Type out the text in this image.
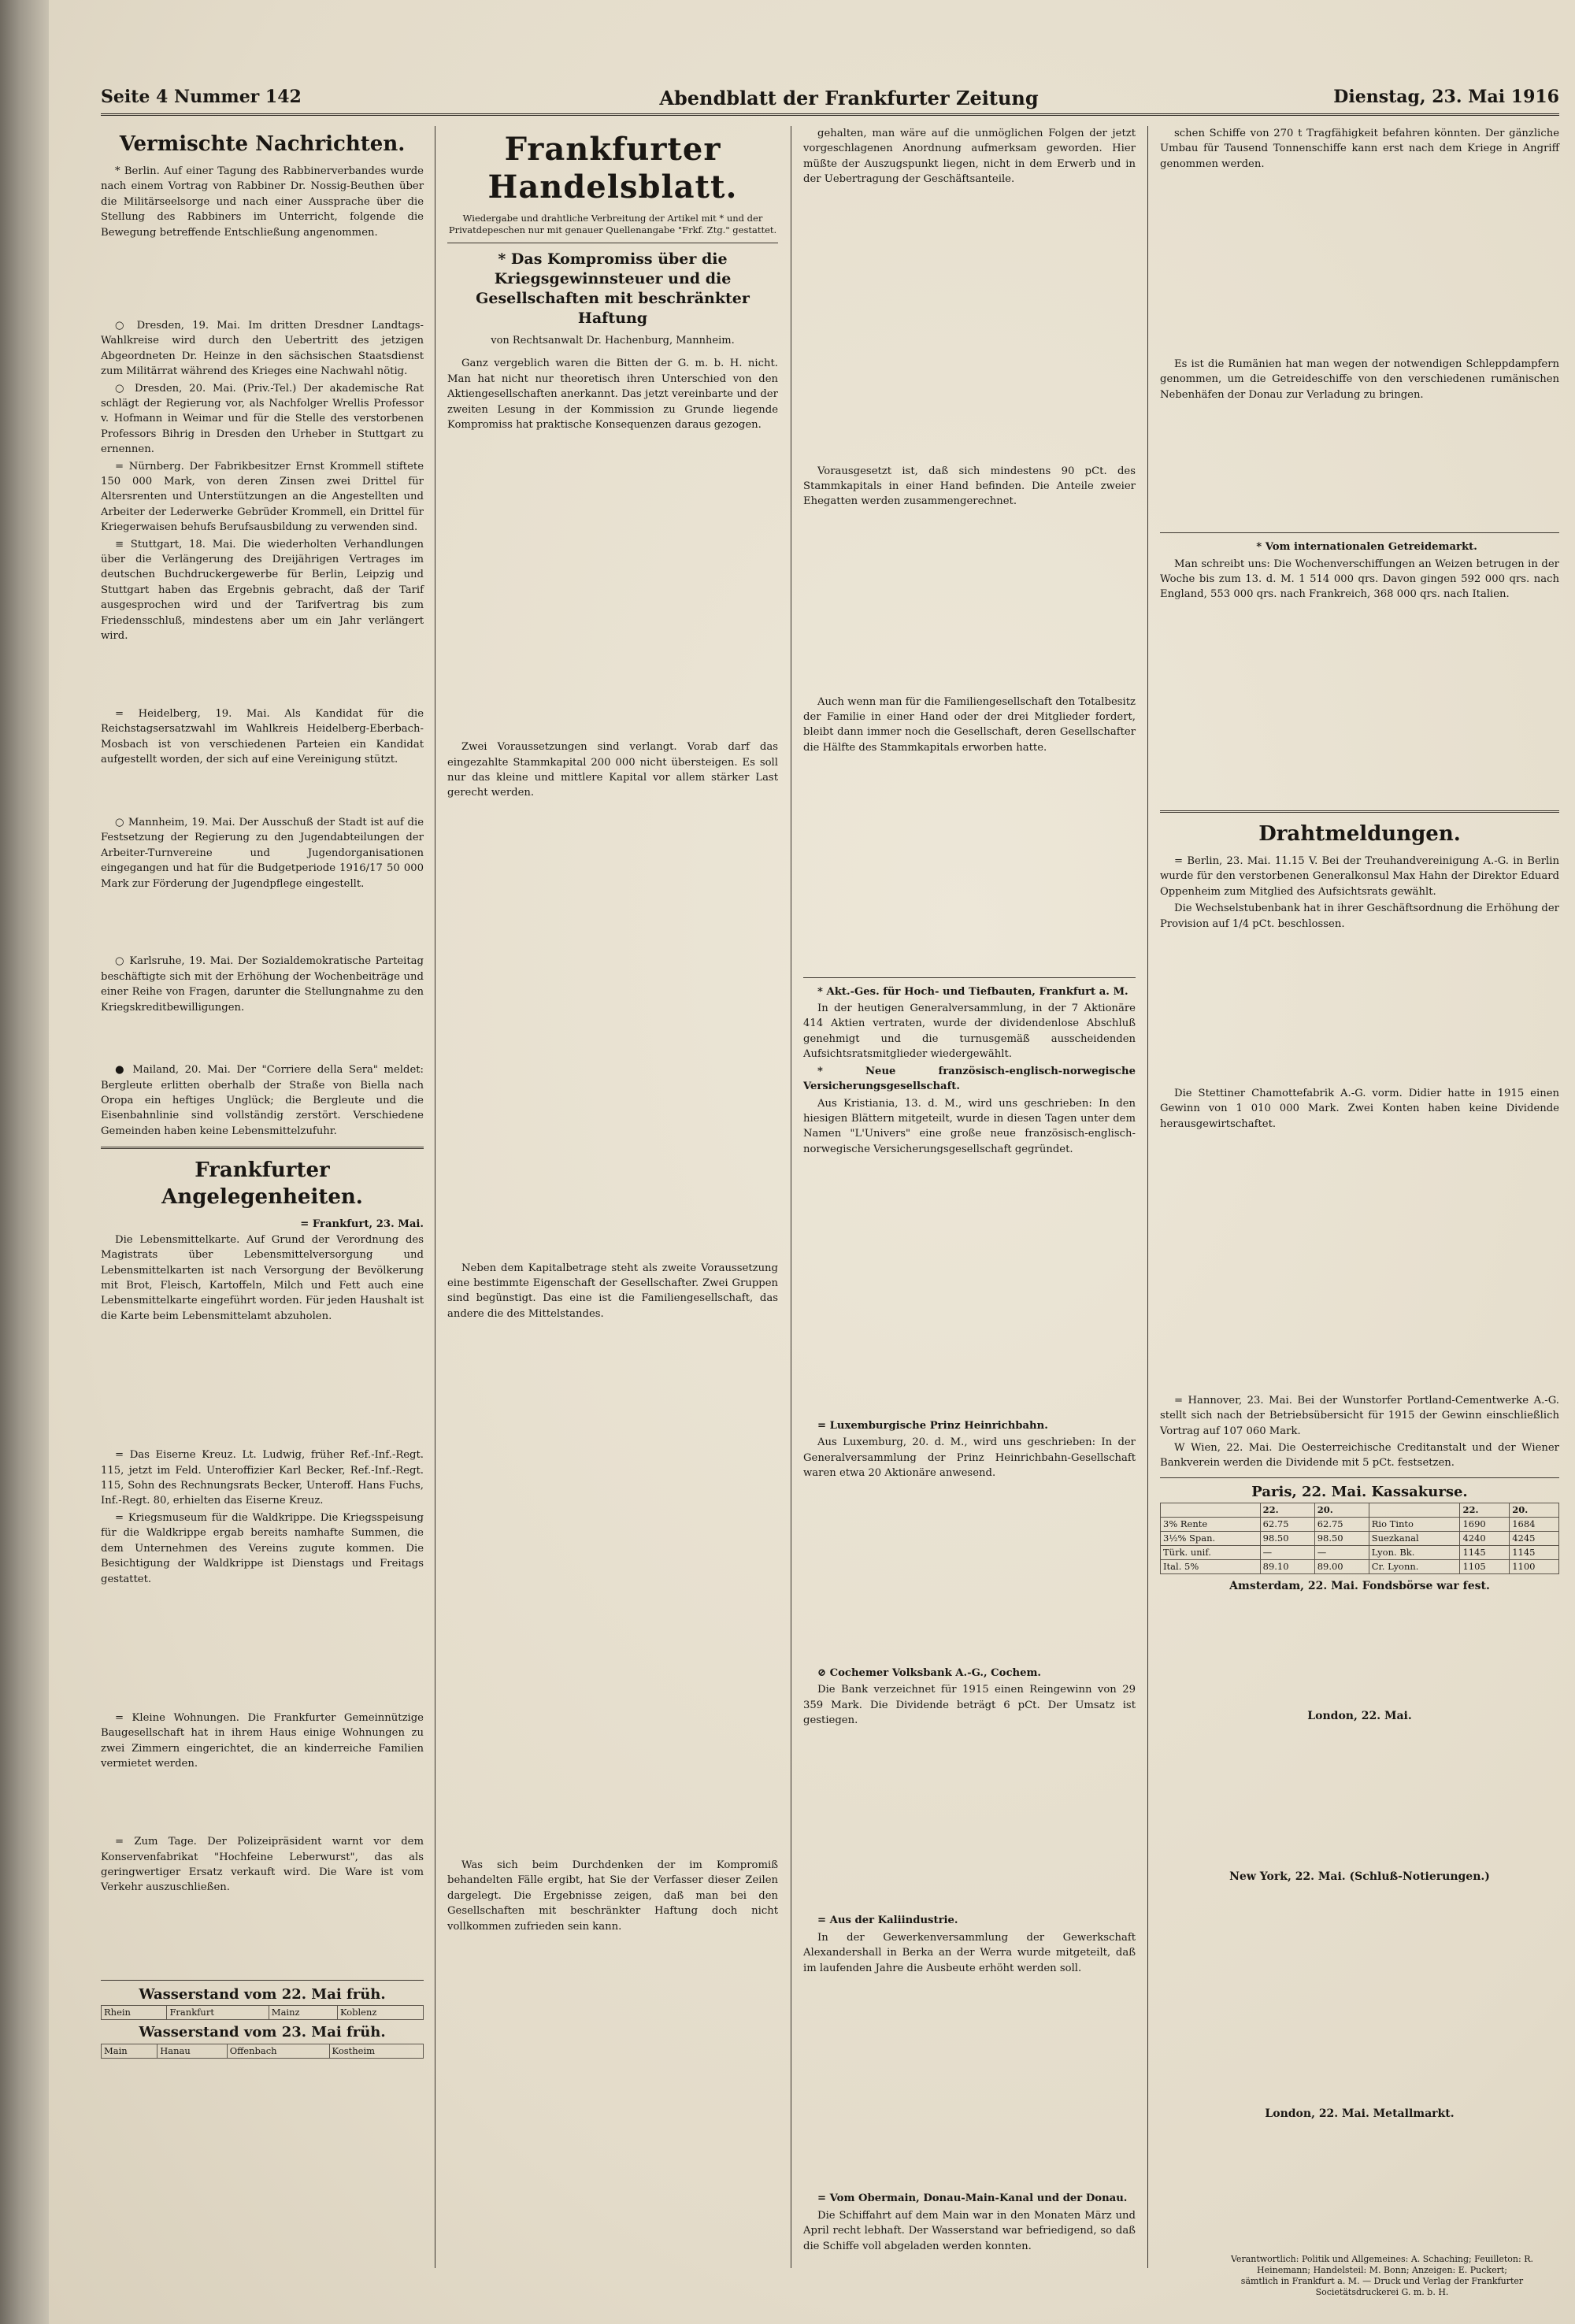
Seite 4 Nummer 142	Abendblatt der Frankfurter Zeitung	Dienstag, 23. Mai 1916
Vermischte Nachrichten.

* Berlin. Auf einer Tagung des Rabbinerverbandes wurde nach einem Vortrag von Rabbiner Dr. Nossig-Beuthen über die Militärseelsorge und nach einer Aussprache über die Stellung des Rabbiners im Unterricht, folgende die Bewegung betreffende Entschließung angenommen.

○ Dresden, 19. Mai. Im dritten Dresdner Landtags-Wahlkreise wird durch den Uebertritt des jetzigen Abgeordneten Dr. Heinze in den sächsischen Staatsdienst zum Militärrat während des Krieges eine Nachwahl nötig.

○ Dresden, 20. Mai. (Priv.-Tel.) Der akademische Rat schlägt der Regierung vor, als Nachfolger Wrellis Professor v. Hofmann in Weimar und für die Stelle des verstorbenen Professors Bihrig in Dresden den Urheber in Stuttgart zu ernennen.

= Nürnberg. Der Fabrikbesitzer Ernst Krommell stiftete 150 000 Mark, von deren Zinsen zwei Drittel für Altersrenten und Unterstützungen an die Angestellten und Arbeiter der Lederwerke Gebrüder Krommell, ein Drittel für Kriegerwaisen behufs Berufsausbildung zu verwenden sind.

≡ Stuttgart, 18. Mai. Die wiederholten Verhandlungen über die Verlängerung des Dreijährigen Vertrages im deutschen Buchdruckergewerbe für Berlin, Leipzig und Stuttgart haben das Ergebnis gebracht, daß der Tarif ausgesprochen wird und der Tarifvertrag bis zum Friedensschluß, mindestens aber um ein Jahr verlängert wird.

= Heidelberg, 19. Mai. Als Kandidat für die Reichstagsersatzwahl im Wahlkreis Heidelberg-Eberbach-Mosbach ist von verschiedenen Parteien ein Kandidat aufgestellt worden, der sich auf eine Vereinigung stützt.

○ Mannheim, 19. Mai. Der Ausschuß der Stadt ist auf die Festsetzung der Regierung zu den Jugendabteilungen der Arbeiter-Turnvereine und Jugendorganisationen eingegangen und hat für die Budgetperiode 1916/17 50 000 Mark zur Förderung der Jugendpflege eingestellt.

○ Karlsruhe, 19. Mai. Der Sozialdemokratische Parteitag beschäftigte sich mit der Erhöhung der Wochenbeiträge und einer Reihe von Fragen, darunter die Stellungnahme zu den Kriegskreditbewilligungen.

● Mailand, 20. Mai. Der "Corriere della Sera" meldet: Bergleute erlitten oberhalb der Straße von Biella nach Oropa ein heftiges Unglück; die Bergleute und die Eisenbahnlinie sind vollständig zerstört. Verschiedene Gemeinden haben keine Lebensmittelzufuhr.

Frankfurter Angelegenheiten.
= Frankfurt, 23. Mai.

Die Lebensmittelkarte. Auf Grund der Verordnung des Magistrats über Lebensmittelversorgung und Lebensmittelkarten ist nach Versorgung der Bevölkerung mit Brot, Fleisch, Kartoffeln, Milch und Fett auch eine Lebensmittelkarte eingeführt worden. Für jeden Haushalt ist die Karte beim Lebensmittelamt abzuholen.

= Das Eiserne Kreuz. Lt. Ludwig, früher Ref.-Inf.-Regt. 115, jetzt im Feld. Unteroffizier Karl Becker, Ref.-Inf.-Regt. 115, Sohn des Rechnungsrats Becker, Unteroff. Hans Fuchs, Inf.-Regt. 80, erhielten das Eiserne Kreuz.

= Kriegsmuseum für die Waldkrippe. Die Kriegsspeisung für die Waldkrippe ergab bereits namhafte Summen, die dem Unternehmen des Vereins zugute kommen. Die Besichtigung der Waldkrippe ist Dienstags und Freitags gestattet.

= Kleine Wohnungen. Die Frankfurter Gemeinnützige Baugesellschaft hat in ihrem Haus einige Wohnungen zu zwei Zimmern eingerichtet, die an kinderreiche Familien vermietet werden.

= Zum Tage. Der Polizeipräsident warnt vor dem Konservenfabrikat "Hochfeine Leberwurst", das als geringwertiger Ersatz verkauft wird. Die Ware ist vom Verkehr auszuschließen.

Wasserstand vom 22. Mai früh.
Rhein	Frankfurt	Mainz	Koblenz
Wasserstand vom 23. Mai früh.
Main	Hanau	Offenbach	Kostheim
Frankfurter Handelsblatt.
Wiedergabe und drahtliche Verbreitung der Artikel mit * und der Privatdepeschen nur mit genauer Quellenangabe "Frkf. Ztg." gestattet.
* Das Kompromiss über die Kriegsgewinnsteuer und die Gesellschaften mit beschränkter Haftung
von Rechtsanwalt Dr. Hachenburg, Mannheim.

Ganz vergeblich waren die Bitten der G. m. b. H. nicht. Man hat nicht nur theoretisch ihren Unterschied von den Aktiengesellschaften anerkannt. Das jetzt vereinbarte und der zweiten Lesung in der Kommission zu Grunde liegende Kompromiss hat praktische Konsequenzen daraus gezogen.

Zwei Voraussetzungen sind verlangt. Vorab darf das eingezahlte Stammkapital 200 000 nicht übersteigen. Es soll nur das kleine und mittlere Kapital vor allem stärker Last gerecht werden.

Neben dem Kapitalbetrage steht als zweite Voraussetzung eine bestimmte Eigenschaft der Gesellschafter. Zwei Gruppen sind begünstigt. Das eine ist die Familiengesellschaft, das andere die des Mittelstandes.

Was sich beim Durchdenken der im Kompromiß behandelten Fälle ergibt, hat Sie der Verfasser dieser Zeilen dargelegt. Die Ergebnisse zeigen, daß man bei den Gesellschaften mit beschränkter Haftung doch nicht vollkommen zufrieden sein kann.

gehalten, man wäre auf die unmöglichen Folgen der jetzt vorgeschlagenen Anordnung aufmerksam geworden. Hier müßte der Auszugspunkt liegen, nicht in dem Erwerb und in der Uebertragung der Geschäftsanteile.

Vorausgesetzt ist, daß sich mindestens 90 pCt. des Stammkapitals in einer Hand befinden. Die Anteile zweier Ehegatten werden zusammengerechnet.

Auch wenn man für die Familiengesellschaft den Totalbesitz der Familie in einer Hand oder der drei Mitglieder fordert, bleibt dann immer noch die Gesellschaft, deren Gesellschafter die Hälfte des Stammkapitals erworben hatte.

* Akt.-Ges. für Hoch- und Tiefbauten, Frankfurt a. M.

In der heutigen Generalversammlung, in der 7 Aktionäre 414 Aktien vertraten, wurde der dividendenlose Abschluß genehmigt und die turnusgemäß ausscheidenden Aufsichtsratsmitglieder wiedergewählt.

* Neue französisch-englisch-norwegische Versicherungsgesellschaft.

Aus Kristiania, 13. d. M., wird uns geschrieben: In den hiesigen Blättern mitgeteilt, wurde in diesen Tagen unter dem Namen "L'Univers" eine große neue französisch-englisch-norwegische Versicherungsgesellschaft gegründet.

= Luxemburgische Prinz Heinrichbahn.

Aus Luxemburg, 20. d. M., wird uns geschrieben: In der Generalversammlung der Prinz Heinrichbahn-Gesellschaft waren etwa 20 Aktionäre anwesend.

⊘ Cochemer Volksbank A.-G., Cochem.

Die Bank verzeichnet für 1915 einen Reingewinn von 29 359 Mark. Die Dividende beträgt 6 pCt. Der Umsatz ist gestiegen.

= Aus der Kaliindustrie.

In der Gewerkenversammlung der Gewerkschaft Alexandershall in Berka an der Werra wurde mitgeteilt, daß im laufenden Jahre die Ausbeute erhöht werden soll.

= Vom Obermain, Donau-Main-Kanal und der Donau.

Die Schiffahrt auf dem Main war in den Monaten März und April recht lebhaft. Der Wasserstand war befriedigend, so daß die Schiffe voll abgeladen werden konnten.

schen Schiffe von 270 t Tragfähigkeit befahren könnten. Der gänzliche Umbau für Tausend Tonnenschiffe kann erst nach dem Kriege in Angriff genommen werden.

Es ist die Rumänien hat man wegen der notwendigen Schleppdampfern genommen, um die Getreideschiffe von den verschiedenen rumänischen Nebenhäfen der Donau zur Verladung zu bringen.

* Vom internationalen Getreidemarkt.

Man schreibt uns: Die Wochenverschiffungen an Weizen betrugen in der Woche bis zum 13. d. M. 1 514 000 qrs. Davon gingen 592 000 qrs. nach England, 553 000 qrs. nach Frankreich, 368 000 qrs. nach Italien.

Drahtmeldungen.

= Berlin, 23. Mai. 11.15 V. Bei der Treuhandvereinigung A.-G. in Berlin wurde für den verstorbenen Generalkonsul Max Hahn der Direktor Eduard Oppenheim zum Mitglied des Aufsichtsrats gewählt.

Die Wechselstubenbank hat in ihrer Geschäftsordnung die Erhöhung der Provision auf 1/4 pCt. beschlossen.

Die Stettiner Chamottefabrik A.-G. vorm. Didier hatte in 1915 einen Gewinn von 1 010 000 Mark. Zwei Konten haben keine Dividende herausgewirtschaftet.

= Hannover, 23. Mai. Bei der Wunstorfer Portland-Cementwerke A.-G. stellt sich nach der Betriebsübersicht für 1915 der Gewinn einschließlich Vortrag auf 107 060 Mark.

W Wien, 22. Mai. Die Oesterreichische Creditanstalt und der Wiener Bankverein werden die Dividende mit 5 pCt. festsetzen.

Paris, 22. Mai. Kassakurse.
	22.	20.		22.	20.
3% Rente	62.75	62.75	Rio Tinto	1690	1684
3½% Span.	98.50	98.50	Suezkanal	4240	4245
Türk. unif.	—	—	Lyon. Bk.	1145	1145
Ital. 5%	89.10	89.00	Cr. Lyonn.	1105	1100
Amsterdam, 22. Mai. Fondsbörse war fest.
London, 22. Mai.
New York, 22. Mai. (Schluß-Notierungen.)
London, 22. Mai. Metallmarkt.
Verantwortlich: Politik und Allgemeines: A. Schaching; Feuilleton: R. Heinemann; Handelsteil: M. Bonn; Anzeigen: E. Puckert;
sämtlich in Frankfurt a. M. — Druck und Verlag der Frankfurter Societätsdruckerei G. m. b. H.
